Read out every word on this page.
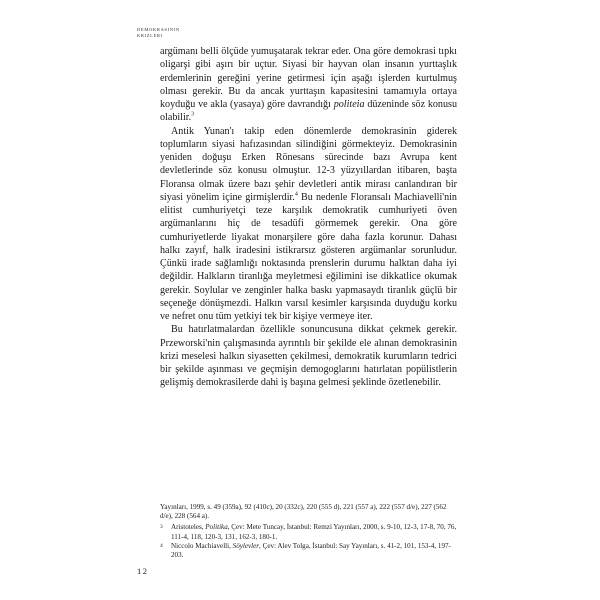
DEMOKRASININ
KRIZLERI

argümanı belli ölçüde yumuşatarak tekrar eder. Ona göre demokrasi tıpkı oligarşi gibi aşırı bir uçtur. Siyasi bir hayvan olan insanın yurttaşlık erdemlerinin gereğini yerine getirmesi için aşağı işlerden kurtulmuş olması gerekir. Bu da ancak yurttaşın kapasitesini tamamıyla ortaya koyduğu ve akla (yasaya) göre davrandığı politeia düzeninde söz konusu olabilir.$^3$

Antik Yunan'ı takip eden dönemlerde demokrasinin giderek toplumların siyasi hafızasından silindiğini görmekteyiz. Demokrasinin yeniden doğuşu Erken Rönesans sürecinde bazı Avrupa kent devletlerinde söz konusu olmuştur. 12-3 yüzyıllardan itibaren, başta Floransa olmak üzere bazı şehir devletleri antik mirası canlandıran bir siyasi yönelim içine girmişlerdir.$^4$ Bu nedenle Floransalı Machiavelli'nin elitist cumhuriyetçi teze karşılık demokratik cumhuriyeti öven argümanlarını hiç de tesadüfi görmemek gerekir. Ona göre cumhuriyetlerde liyakat monarşilere göre daha fazla korunur. Dahası halkı zayıf, halk iradesini istikrarsız gösteren argümanlar sorunludur. Çünkü irade sağlamlığı noktasında prenslerin durumu halktan daha iyi değildir. Halkların tiranlığa meyletmesi eğilimini ise dikkatlice okumak gerekir. Soylular ve zenginler halka baskı yapmasaydı tiranlık güçlü bir seçeneğe dönüşmezdi. Halkın varsıl kesimler karşısında duyduğu korku ve nefret onu tüm yetkiyi tek bir kişiye vermeye iter.

Bu hatırlatmalardan özellikle sonuncusuna dikkat çekmek gerekir. Przeworski'nin çalışmasında ayrıntılı bir şekilde ele alınan demokrasinin krizi meselesi halkın siyasetten çekilmesi, demokratik kurumların tedrici bir şekilde aşınması ve geçmişin demogoglarını hatırlatan popülistlerin gelişmiş demokrasilerde dahi iş başına gelmesi şeklinde özetlenebilir.

Yayınları, 1999, s. 49 (359a), 92 (410c), 20 (332c), 220 (555 d), 221 (557 a), 222 (557 d/e), 227 (562 d/e), 228 (564 a).

3 Aristoteles, Politika, Çev: Mete Tuncay, İstanbul: Remzi Yayınları, 2000, s. 9-10, 12-3, 17-8, 70, 76, 111-4, 118, 120-3, 131, 162-3, 180-1.

4 Niccolo Machiavelli, Söylevler, Çev: Alev Tolga, İstanbul: Say Yayınları, s. 41-2, 101, 153-4, 197-203.

12
